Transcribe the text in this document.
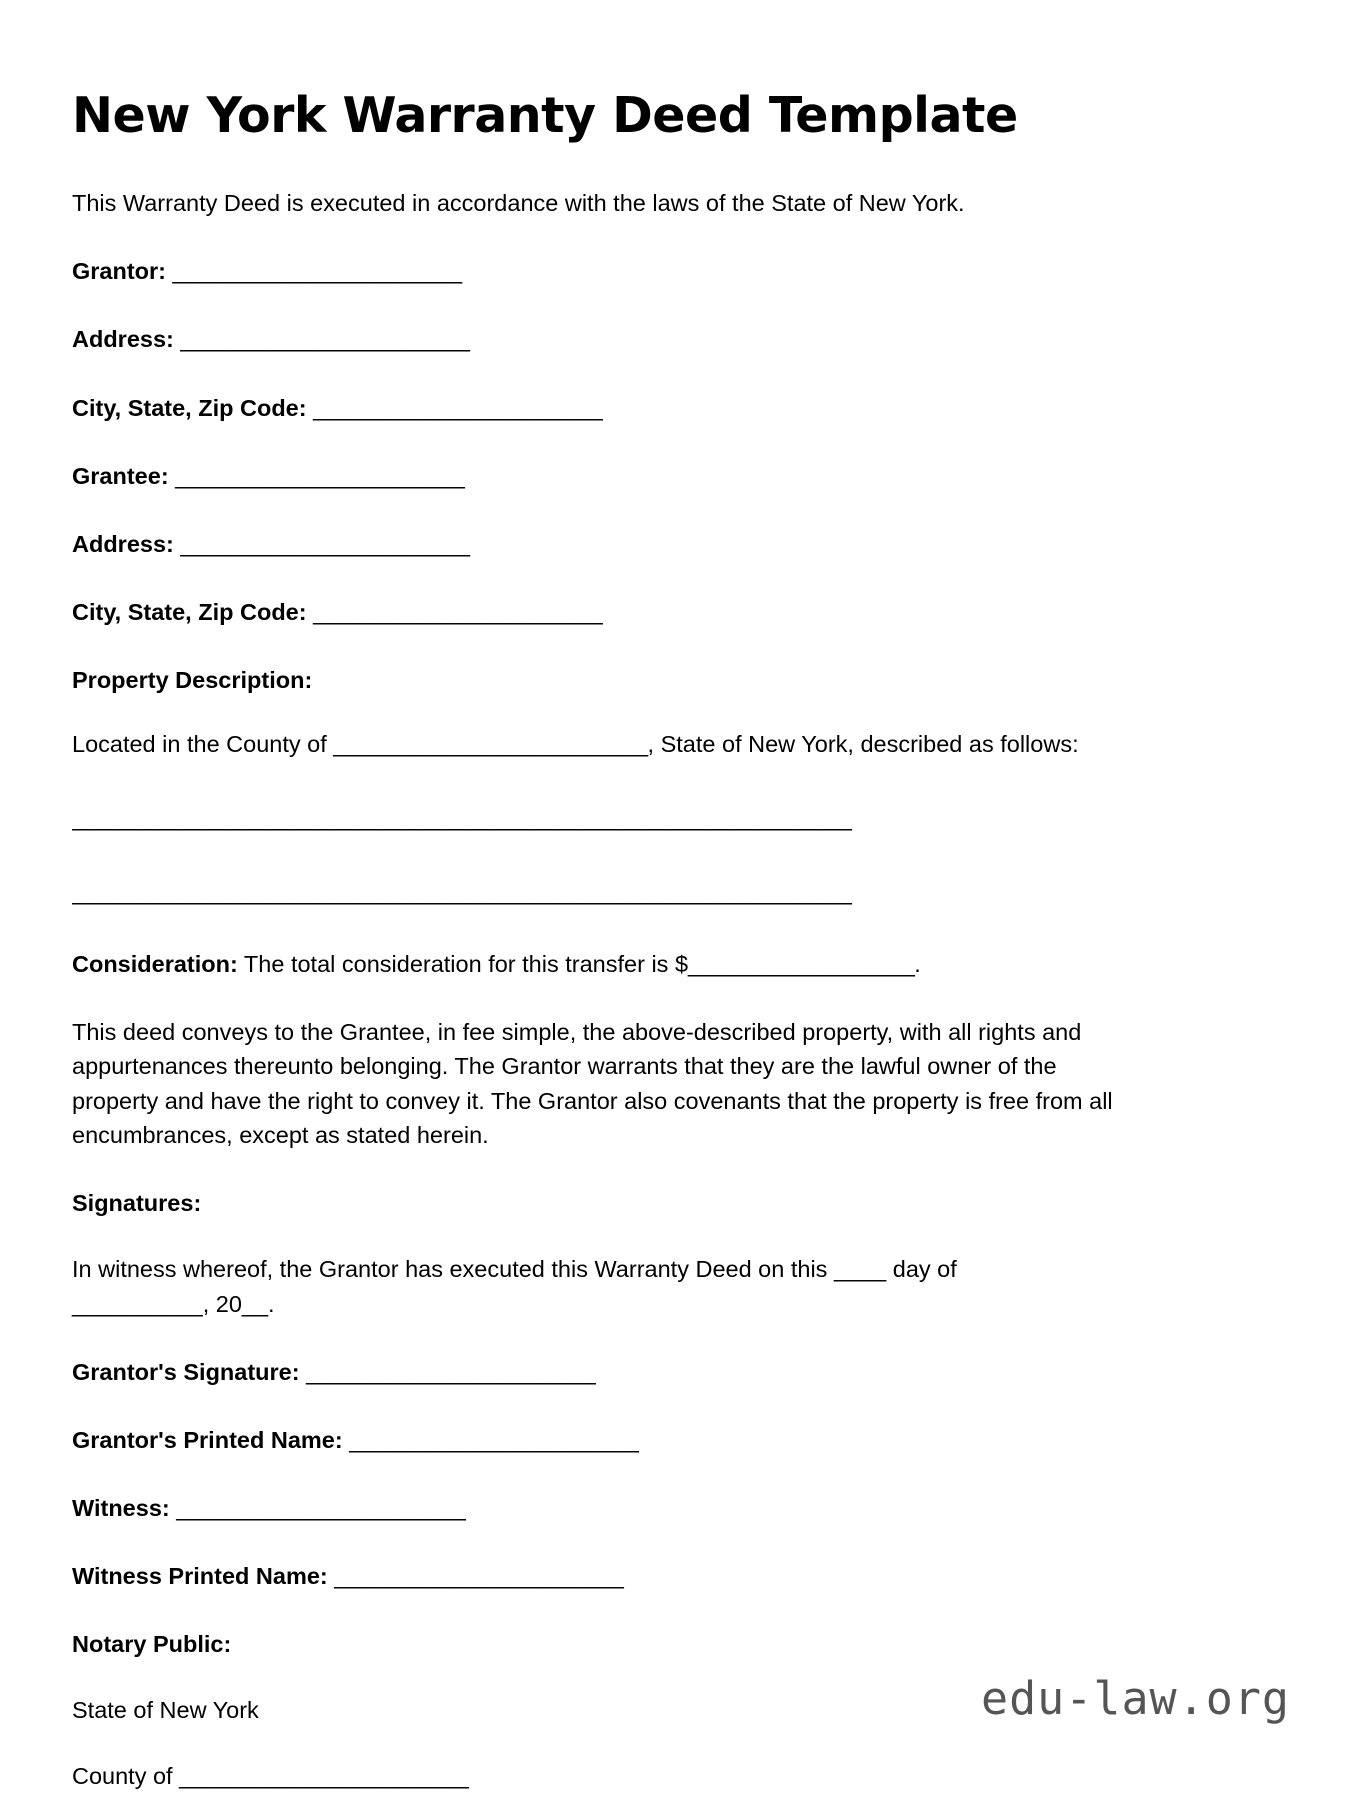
New York Warranty Deed Template

This Warranty Deed is executed in accordance with the laws of the State of New York.

Grantor: _______________________

Address: _______________________

City, State, Zip Code: _______________________

Grantee: _______________________

Address: _______________________

City, State, Zip Code: _______________________

Property Description:

Located in the County of _________________________, State of New York, described as follows:

______________________________________________________________

______________________________________________________________

Consideration: The total consideration for this transfer is $__________________.

This deed conveys to the Grantee, in fee simple, the above-described property, with all rights and appurtenances thereunto belonging. The Grantor warrants that they are the lawful owner of the property and have the right to convey it. The Grantor also covenants that the property is free from all encumbrances, except as stated herein.

Signatures:

In witness whereof, the Grantor has executed this Warranty Deed on this ____ day of __________, 20__.

Grantor's Signature: _______________________

Grantor's Printed Name: _______________________

Witness: _______________________

Witness Printed Name: _______________________

Notary Public:

State of New York

County of _______________________

edu-law.org
